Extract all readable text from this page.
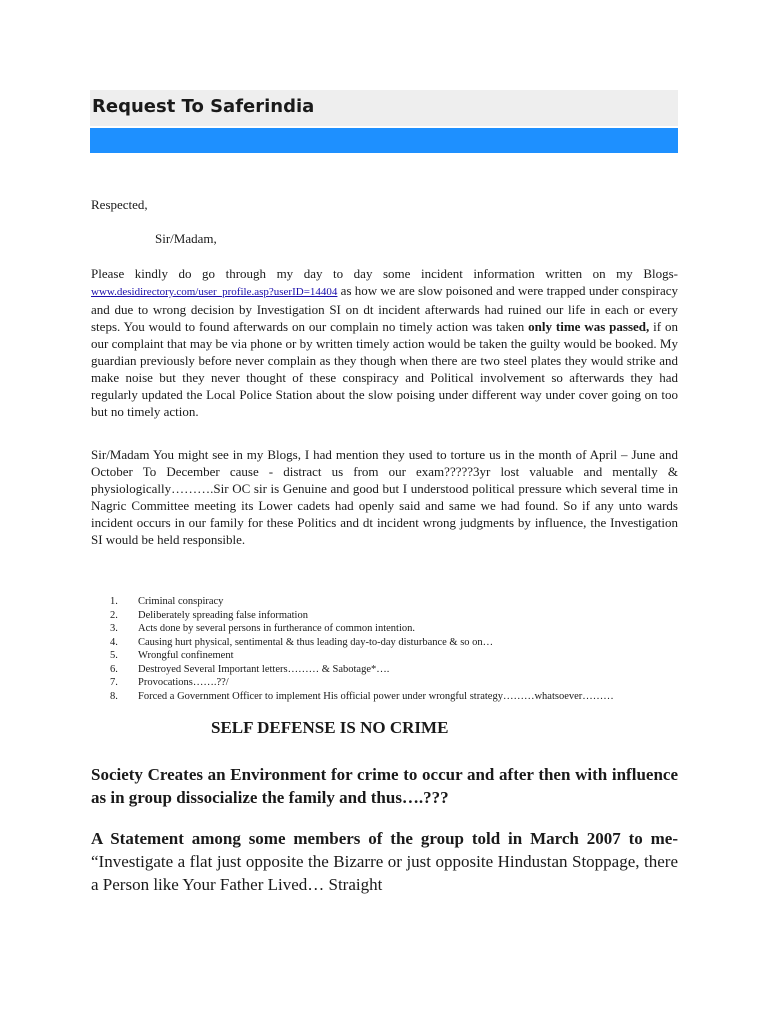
Request To Saferindia
Respected,
Sir/Madam,
Please kindly do go through my day to day some incident information written on my Blogs-www.desidirectory.com/user_profile.asp?userID=14404 as how we are slow poisoned and were trapped under conspiracy and due to wrong decision by Investigation SI on dt incident afterwards had ruined our life in each or every steps. You would to found afterwards on our complain no timely action was taken only time was passed, if on our complaint that may be via phone or by written timely action would be taken the guilty would be booked. My guardian previously before never complain as they though when there are two steel plates they would strike and make noise but they never thought of these conspiracy and Political involvement so afterwards they had regularly updated the Local Police Station about the slow poising under different way under cover going on too but no timely action.
Sir/Madam You might see in my Blogs, I had mention they used to torture us in the month of April – June and October To December cause - distract us from our exam?????3yr lost valuable and mentally & physiologically……….Sir OC sir is Genuine and good but I understood political pressure which several time in Nagric Committee meeting its Lower cadets had openly said and same we had found. So if any unto wards incident occurs in our family for these Politics and dt incident wrong judgments by influence, the Investigation SI would be held responsible.
1. Criminal conspiracy
2. Deliberately spreading false information
3. Acts done by several persons in furtherance of common intention.
4. Causing hurt physical, sentimental & thus leading day-to-day disturbance & so on…
5. Wrongful confinement
6. Destroyed Several Important letters……… & Sabotage*….
7. Provocations…….??/
8. Forced a Government Officer to implement His official power under wrongful strategy………whatsoever………
SELF DEFENSE IS NO CRIME
Society Creates an Environment for crime to occur and after then with influence as in group dissocialize the family and thus….???
A Statement among some members of the group told in March 2007 to me- “Investigate a flat just opposite the Bizarre or just opposite Hindustan Stoppage, there a Person like Your Father Lived… Straight
